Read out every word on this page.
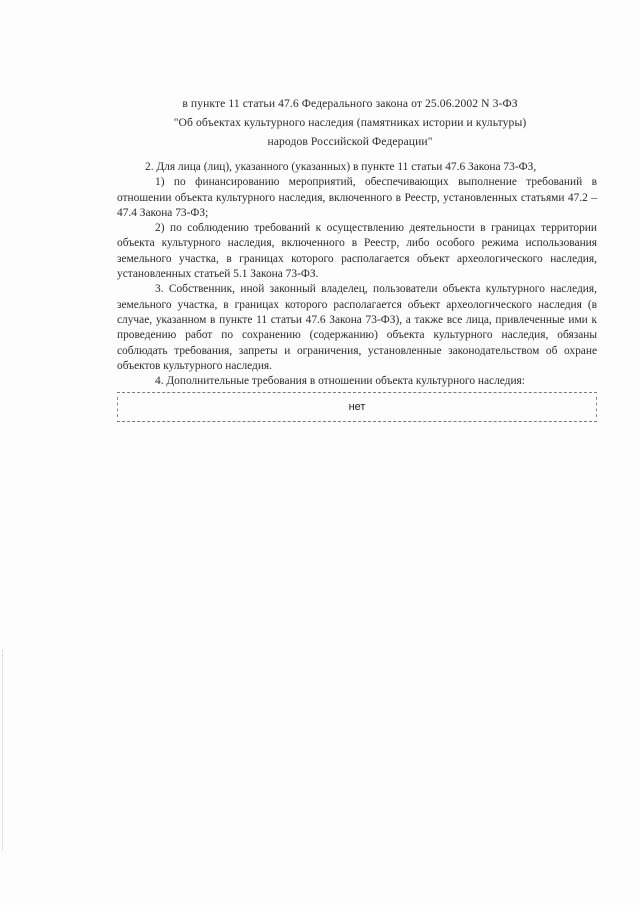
в пункте 11 статьи 47.6 Федерального закона от 25.06.2002 N 3-ФЗ
"Об объектах культурного наследия (памятниках истории и культуры)
народов Российской Федерации"

2. Для лица (лиц), указанного (указанных) в пункте 11 статьи 47.6 Закона 73-ФЗ,

1) по финансированию мероприятий, обеспечивающих выполнение требований в отношении объекта культурного наследия, включенного в Реестр, установленных статьями 47.2 – 47.4 Закона 73-ФЗ;

2) по соблюдению требований к осуществлению деятельности в границах территории объекта культурного наследия, включенного в Реестр, либо особого режима использования земельного участка, в границах которого располагается объект археологического наследия, установленных статьей 5.1 Закона 73-ФЗ.

3. Собственник, иной законный владелец, пользователи объекта культурного наследия, земельного участка, в границах которого располагается объект археологического наследия (в случае, указанном в пункте 11 статьи 47.6 Закона 73-ФЗ), а также все лица, привлеченные ими к проведению работ по сохранению (содержанию) объекта культурного наследия, обязаны соблюдать требования, запреты и ограничения, установленные законодательством об охране объектов культурного наследия.

4. Дополнительные требования в отношении объекта культурного наследия:

нет
